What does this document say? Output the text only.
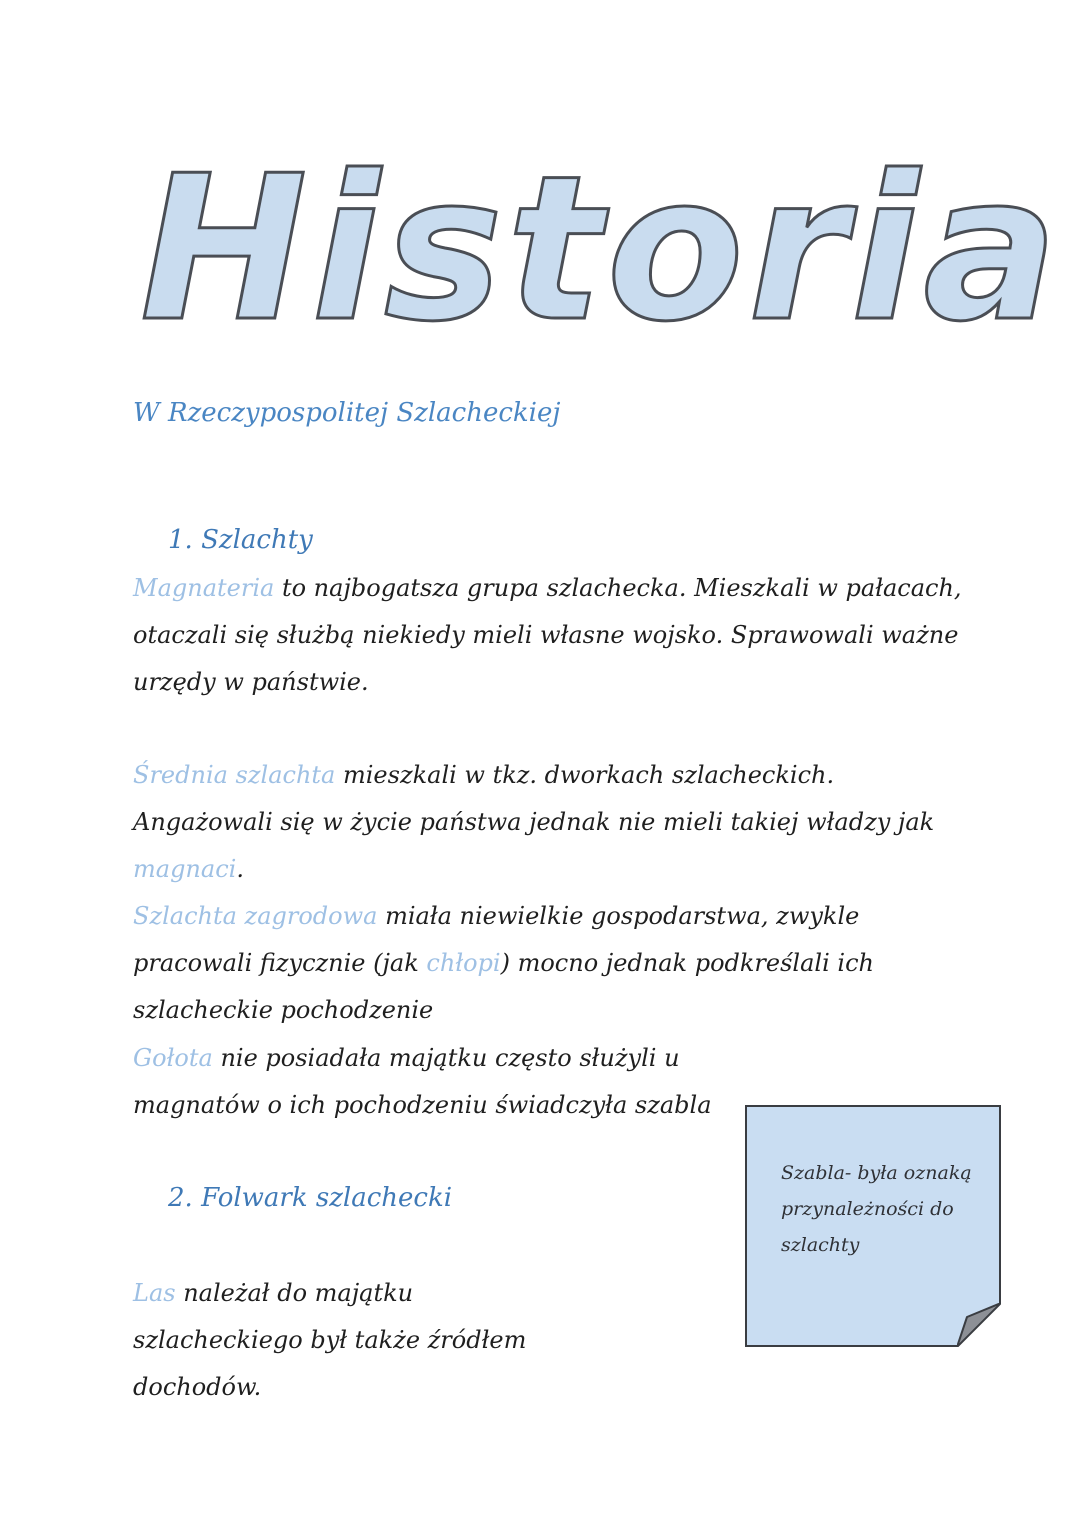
Historia

W Rzeczypospolitej Szlacheckiej

1. Szlachty

Magnateria to najbogatsza grupa szlachecka. Mieszkali w pałacach, otaczali się służbą niekiedy mieli własne wojsko. Sprawowali ważne urzędy w państwie.

Średnia szlachta mieszkali w tkz. dworkach szlacheckich. Angażowali się w życie państwa jednak nie mieli takiej władzy jak magnaci.

Szlachta zagrodowa miała niewielkie gospodarstwa, zwykle pracowali fizycznie (jak chłopi) mocno jednak podkreślali ich szlacheckie pochodzenie

Gołota nie posiadała majątku często służyli u magnatów o ich pochodzeniu świadczyła szabla

2. Folwark szlachecki

Las należał do majątku szlacheckiego był także źródłem dochodów.

Szabla- była oznaką przynależności do szlachty
